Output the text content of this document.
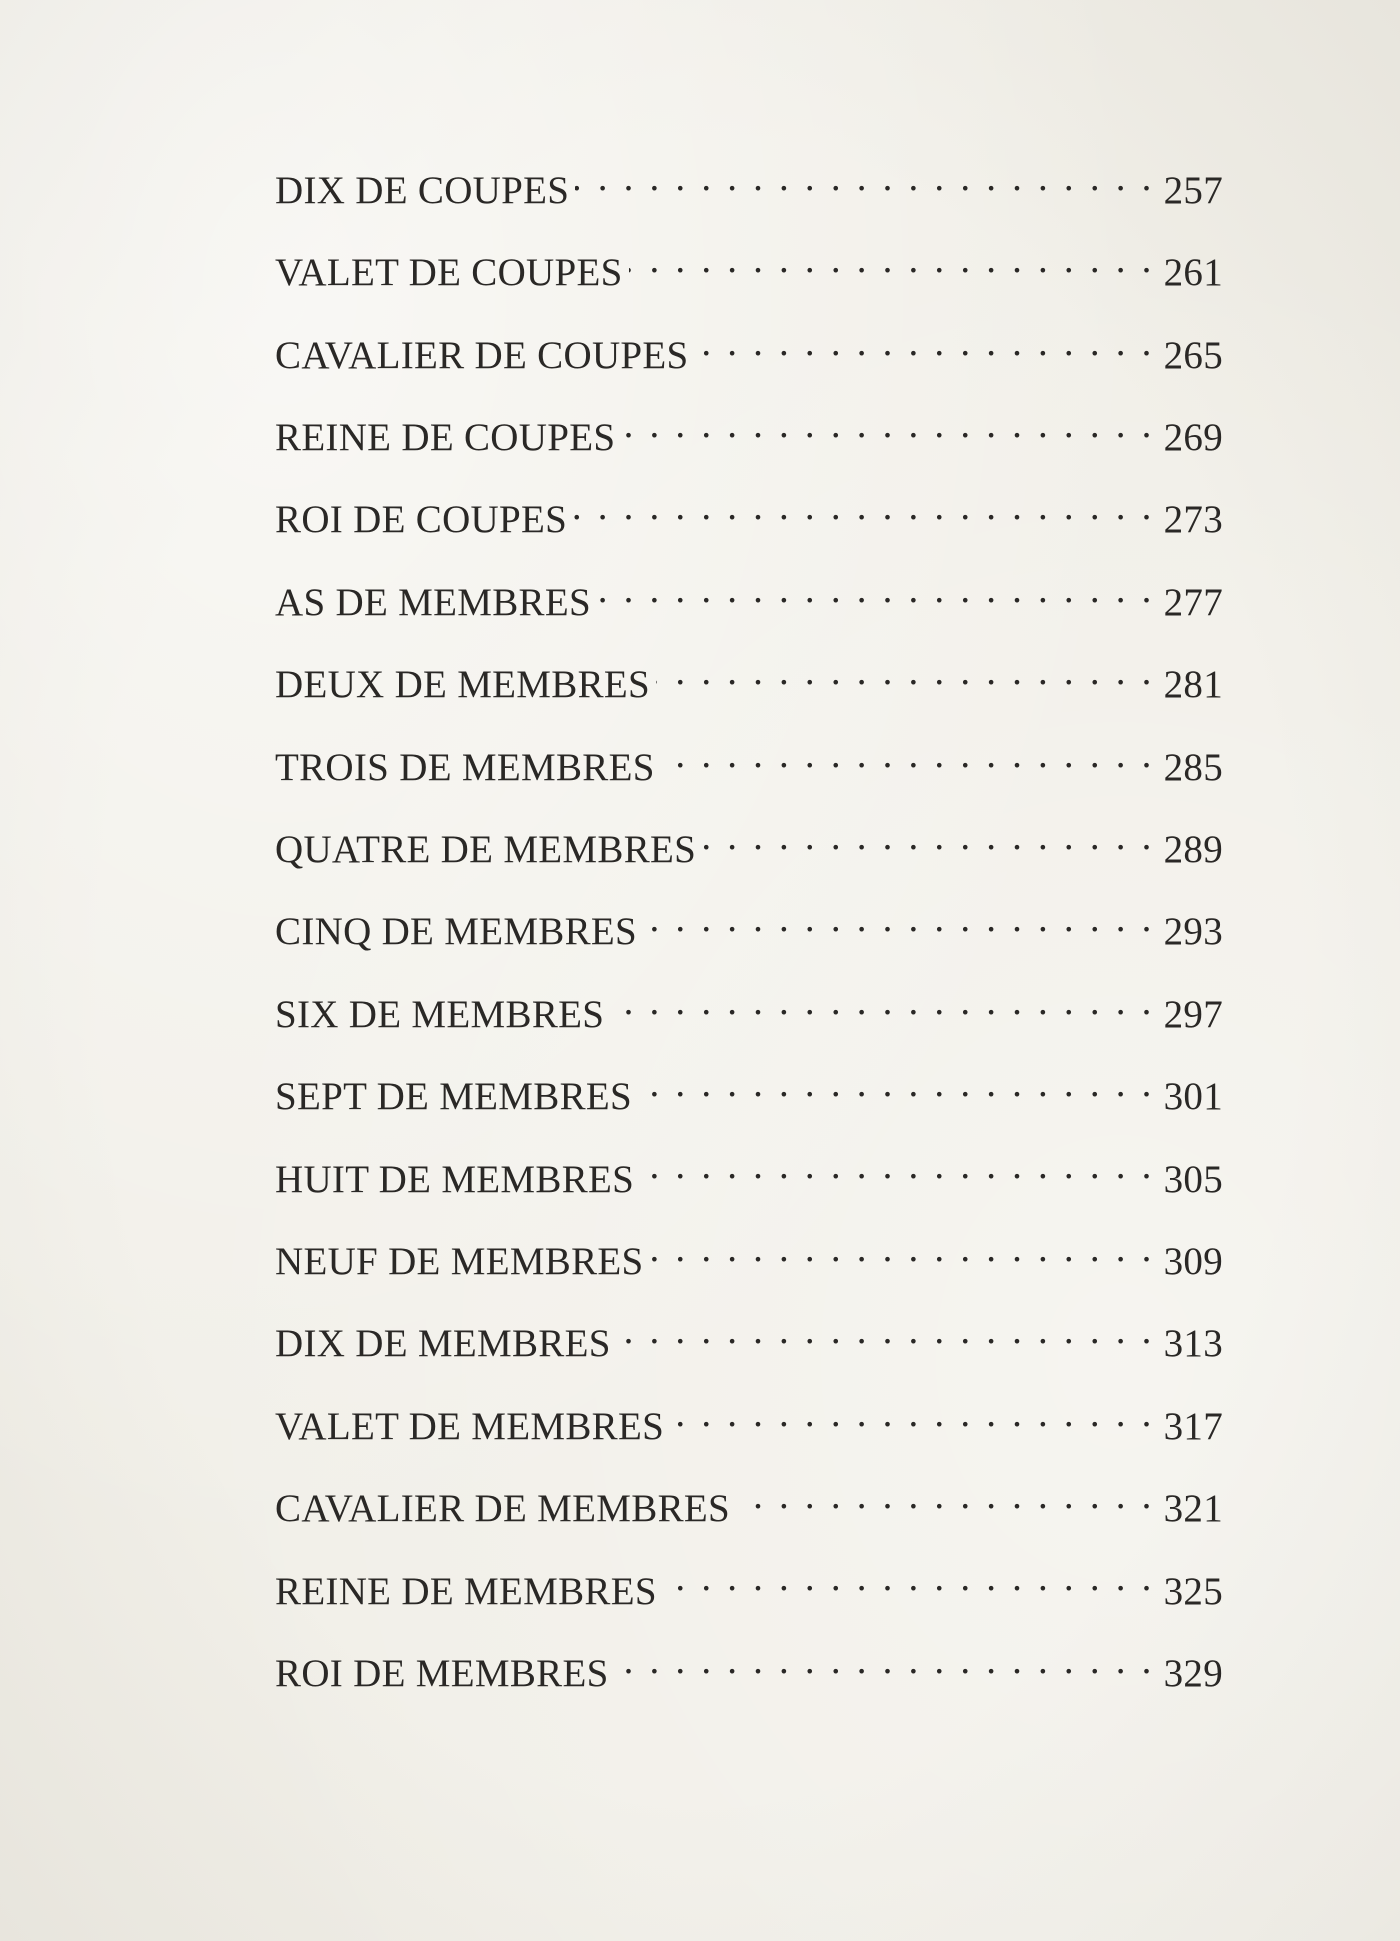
DIX DE COUPES . . .	257
VALET DE COUPES . . .	261
CAVALIER DE COUPES . . .	265
REINE DE COUPES . . .	269
ROI DE COUPES . . .	273
AS DE MEMBRES . . .	277
DEUX DE MEMBRES . . .	281
TROIS DE MEMBRES . . .	285
QUATRE DE MEMBRES . . .	289
CINQ DE MEMBRES . . .	293
SIX DE MEMBRES . . .	297
SEPT DE MEMBRES . . .	301
HUIT DE MEMBRES . . .	305
NEUF DE MEMBRES . . .	309
DIX DE MEMBRES . . .	313
VALET DE MEMBRES . . .	317
CAVALIER DE MEMBRES . . .	321
REINE DE MEMBRES . . .	325
ROI DE MEMBRES . . .	329
